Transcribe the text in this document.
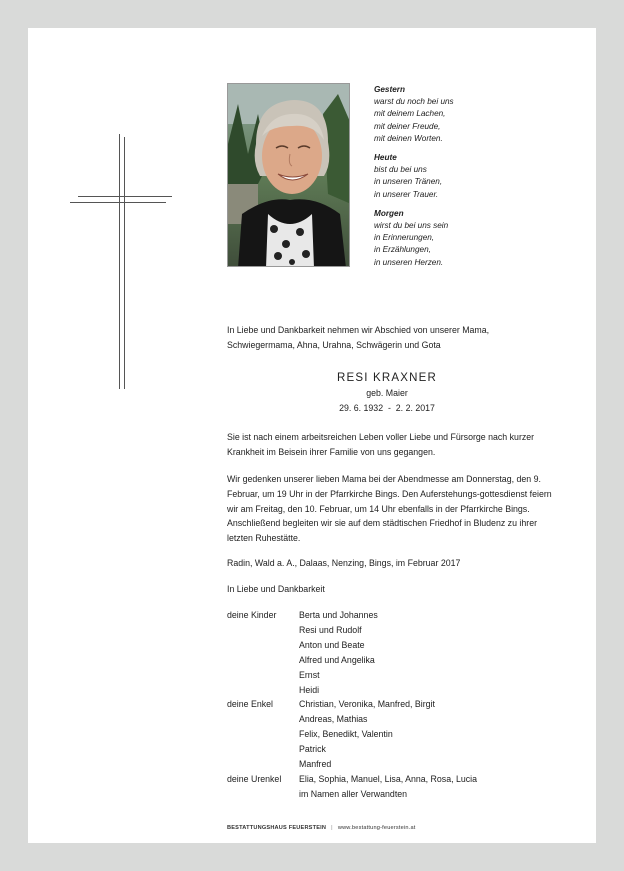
Gestern
warst du noch bei uns
mit deinem Lachen,
mit deiner Freude,
mit deinen Worten.
Heute
bist du bei uns
in unseren Tränen,
in unserer Trauer.
Morgen
wirst du bei uns sein
in Erinnerungen,
in Erzählungen,
in unseren Herzen.
In Liebe und Dankbarkeit nehmen wir Abschied von unserer Mama, Schwiegermama, Ahna, Urahna, Schwägerin und Gota
RESI KRAXNER
geb. Maier
29. 6. 1932  -  2. 2. 2017
Sie ist nach einem arbeitsreichen Leben voller Liebe und Fürsorge nach kurzer Krankheit im Beisein ihrer Familie von uns gegangen.
Wir gedenken unserer lieben Mama bei der Abendmesse am Donnerstag, den 9. Februar, um 19 Uhr in der Pfarrkirche Bings. Den Auferstehungs-gottesdienst feiern wir am Freitag, den 10. Februar, um 14 Uhr ebenfalls in der Pfarrkirche Bings. Anschließend begleiten wir sie auf dem städtischen Friedhof in Bludenz zu ihrer letzten Ruhestätte.
Radin, Wald a. A., Dalaas, Nenzing, Bings, im Februar 2017
In Liebe und Dankbarkeit
deine Kinder	Berta und Johannes
Resi und Rudolf
Anton und Beate
Alfred und Angelika
Ernst
Heidi
deine Enkel	Christian, Veronika, Manfred, Birgit
Andreas, Mathias
Felix, Benedikt, Valentin
Patrick
Manfred
deine Urenkel	Elia, Sophia, Manuel, Lisa, Anna, Rosa, Lucia
im Namen aller Verwandten
BESTATTUNGSHAUS FEUERSTEIN | www.bestattung-feuerstein.at
